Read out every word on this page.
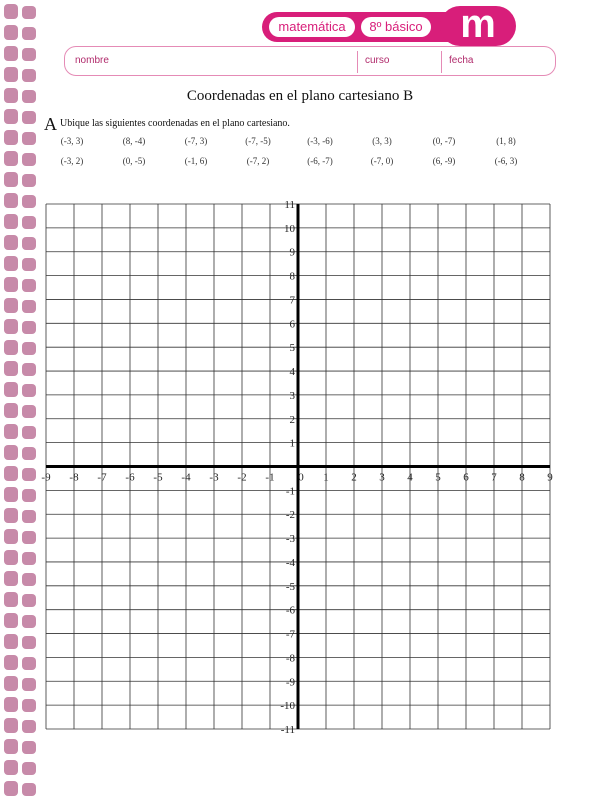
matemática	8º básico m
nombre	curso	fecha
Coordenadas en el plano cartesiano B
A Ubique las siguientes coordenadas en el plano cartesiano.
(-3, 3)	(8, -4)	(-7, 3)	(-7, -5)	(-3, -6)	(3, 3)	(0, -7)	(1, 8)
(-3, 2)	(0, -5)	(-1, 6)	(-7, 2)	(-6, -7)	(-7, 0)	(6, -9)	(-6, 3)
-9 -8 -7 -6 -5 -4 -3 -2 -1 0 1 2 3 4 5 6 7 8 9
11
10
9
8
7
6
5
4
3
2
1
-1
-2
-3
-4
-5
-6
-7
-8
-9
-10
-11
